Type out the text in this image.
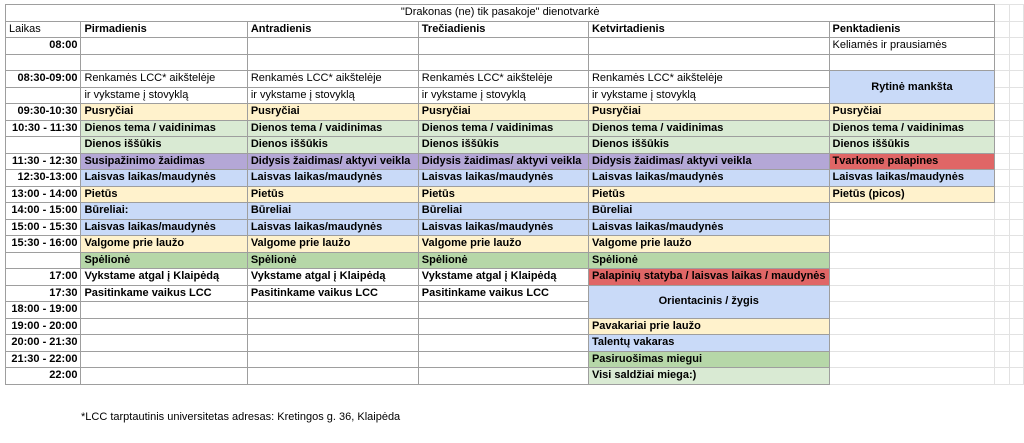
"Drakonas (ne) tik pasakoje" dienotvarkė							
Laikas	Pirmadienis	Antradienis	Trečiadienis	Ketvirtadienis	Penktadienis		
08:00					Keliamės ir prausiamės		

08:30-09:00	Renkamės LCC* aikštelėje	Renkamės LCC* aikštelėje	Renkamės LCC* aikštelėje	Renkamės LCC* aikštelėje	Rytinė mankšta		
	ir vykstame į stovyklą	ir vykstame į stovyklą	ir vykstame į stovyklą	ir vykstame į stovyklą			
09:30-10:30	Pusryčiai	Pusryčiai	Pusryčiai	Pusryčiai	Pusryčiai		
10:30 - 11:30	Dienos tema / vaidinimas	Dienos tema / vaidinimas	Dienos tema / vaidinimas	Dienos tema / vaidinimas	Dienos tema / vaidinimas		
	Dienos iššūkis	Dienos iššūkis	Dienos iššūkis	Dienos iššūkis	Dienos iššūkis		
11:30 - 12:30	Susipažinimo žaidimas	Didysis žaidimas/ aktyvi veikla	Didysis žaidimas/ aktyvi veikla	Didysis žaidimas/ aktyvi veikla	Tvarkome palapines		
12:30-13:00	Laisvas laikas/maudynės	Laisvas laikas/maudynės	Laisvas laikas/maudynės	Laisvas laikas/maudynės	Laisvas laikas/maudynės		
13:00 - 14:00	Pietūs	Pietūs	Pietūs	Pietūs	Pietūs (picos)		
14:00 - 15:00	Būreliai:	Būreliai	Būreliai	Būreliai			
15:00 - 15:30	Laisvas laikas/maudynės	Laisvas laikas/maudynės	Laisvas laikas/maudynės	Laisvas laikas/maudynės			
15:30 - 16:00	Valgome prie laužo	Valgome prie laužo	Valgome prie laužo	Valgome prie laužo			
	Spėlionė	Spėlionė	Spėlionė	Spėlionė			
17:00	Vykstame atgal į Klaipėdą	Vykstame atgal į Klaipėdą	Vykstame atgal į Klaipėdą	Palapinių statyba / laisvas laikas / maudynės			
17:30	Pasitinkame vaikus LCC	Pasitinkame vaikus LCC	Pasitinkame vaikus LCC	Orientacinis / žygis			
18:00 - 19:00							
19:00 - 20:00				Pavakariai prie laužo			
20:00 - 21:30				Talentų vakaras			
21:30 - 22:00				Pasiruošimas miegui			
22:00				Visi saldžiai miega:)			
*LCC tarptautinis universitetas adresas: Kretingos g. 36, Klaipėda
